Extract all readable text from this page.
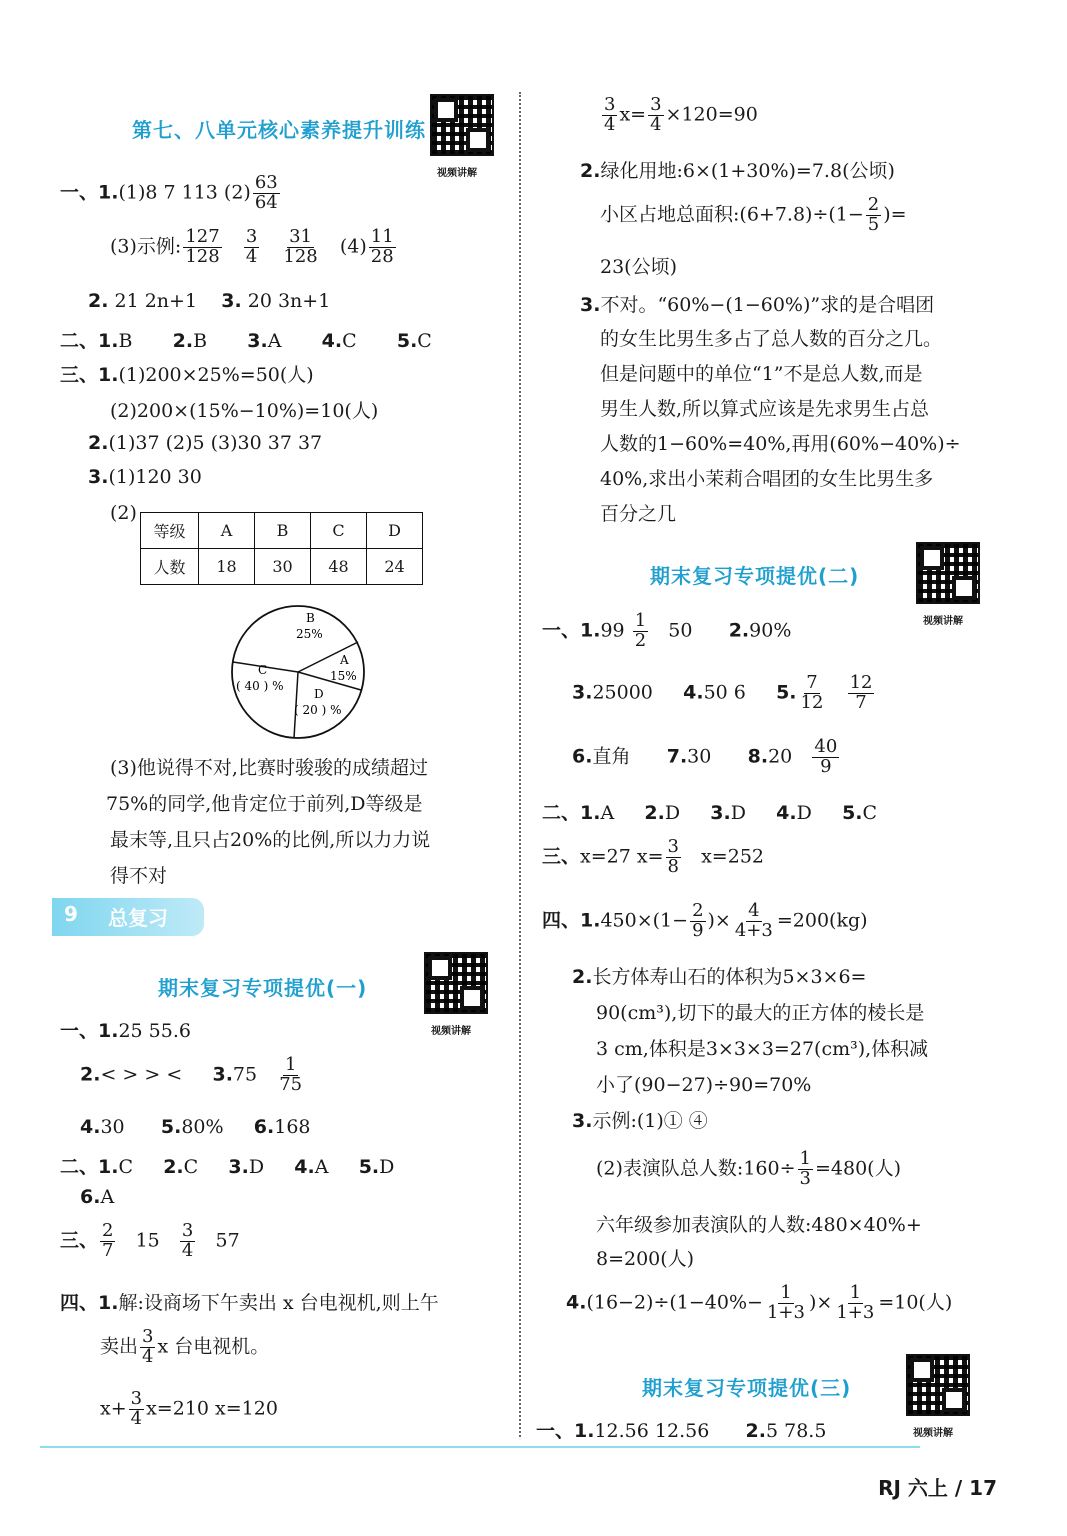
第七、八单元核心素养提升训练
视频讲解
一、1.(1)8 7 113 $(2) \frac{63}{64}$
(3)示例: $\frac{127}{128}$
$\frac{3}{4}$
$\frac{31}{128} (4) \frac{11}{28}$
2. 21 2n+1 3. 20 3n+1
二、1.B 2.B 3.A 4.C 5.C
三、1.(1)200×25%=50(人)
(2)200×(15%−10%)=10(人)
2.(1)37 (2)5 (3)30 37 37
3.(1)120 30
(2)
等级	A	B	C	D
人数	18	30	48	24
B
25%
A
15%
C
( 40 ) %
D
( 20 ) %
(3)他说得不对,比赛时骏骏的成绩超过
75%的同学,他肯定位于前列,D等级是
最末等,且只占20%的比例,所以力力说
得不对
9 总复习
期末复习专项提优(一)
视频讲解
一、1.25 55.6
2.< > > < $3.75 \frac{1}{75}$
4.30 5.80% 6.168
二、1.C 2.C 3.D 4.A 5.D
6.A
三、 $\frac{2}{7} 15 \frac{3}{4} 57$
四、1.解:设商场下午卖出 x 台电视机,则上午
卖出 $\frac{3}{4}$ x 台电视机。
$x+ \frac{3}{4} x=210$ x=120
$\frac{3}{4} x= \frac{3}{4} \times 120=90$
2.绿化用地:6×(1+30%)=7.8(公顷)
小区占地总面积:(6+7.8)÷(1− $\frac{2}{5}$ )=
23(公顷)
3.不对。“60%−(1−60%)”求的是合唱团
的女生比男生多占了总人数的百分之几。
但是问题中的单位“1”不是总人数,而是
男生人数,所以算式应该是先求男生占总
人数的1−60%=40%,再用(60%−40%)÷
40%,求出小茉莉合唱团的女生比男生多
百分之几
期末复习专项提优(二)
视频讲解
一、$1.99 \frac{1}{2} 50$ 2.90%
3.25000 4.50 6 5. $\frac{7}{12}$
$\frac{12}{7}$
6.直角 7.30 $8.20 \frac{40}{9}$
二、1.A 2.D 3.D 4.D 5.C
三、x=27 $x= \frac{3}{8} x=252$
四、$1.450\times(1- \frac{2}{9}$ )× $\frac{4}{4+3} =200(kg)$
2.长方体寿山石的体积为5×3×6=
90(cm³),切下的最大的正方体的棱长是
3 cm,体积是3×3×3=27(cm³),体积减
小了(90−27)÷90=70%
3.示例:(1)① ④
(2)表演队总人数:160÷ $\frac{1}{3} =480$(人)
六年级参加表演队的人数:480×40%+
8=200(人)
$4.(16-2)\div(1-40\%- \frac{1}{1+3}$ )× $\frac{1}{1+3} =10$(人)
期末复习专项提优(三)
视频讲解
一、1.12.56 12.56 2.5 78.5
RJ 六上 / 17
